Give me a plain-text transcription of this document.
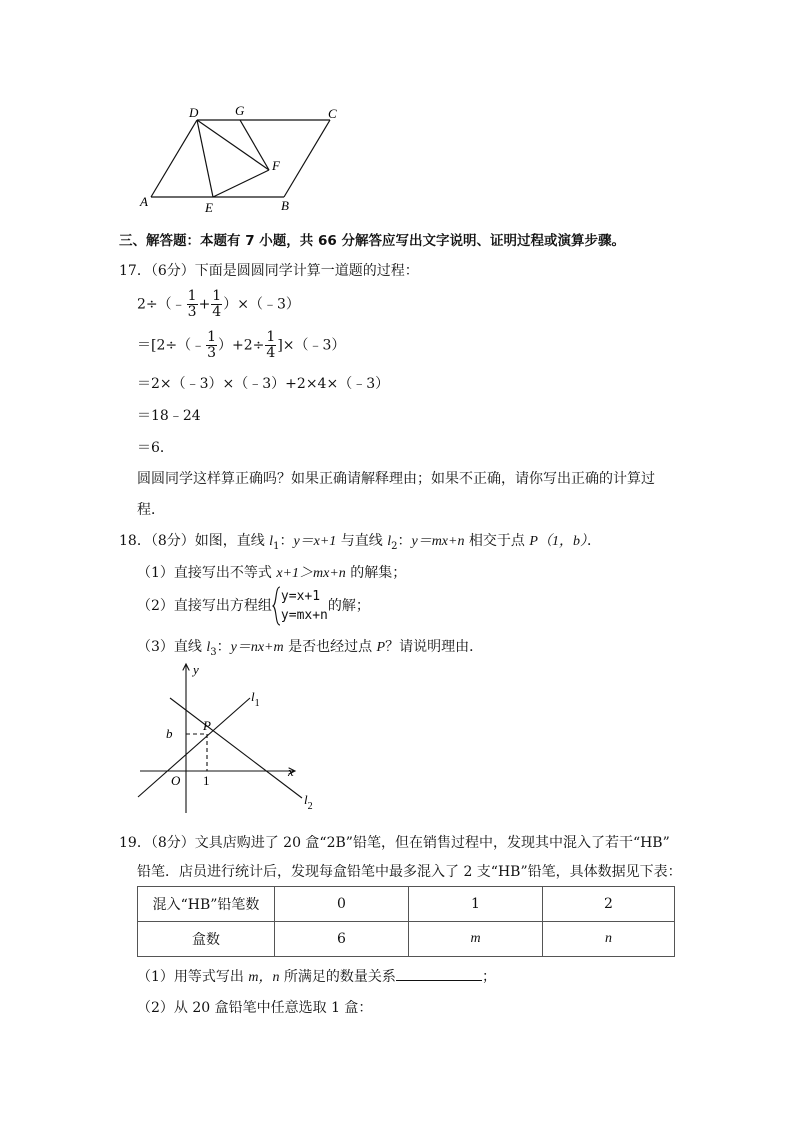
D	G	C
F
A	E	B
三、解答题：本题有 7 小题，共 66 分解答应写出文字说明、证明过程或演算步骤。
17．（6分）下面是圆圆同学计算一道题的过程：
2÷（﹣ $\frac{1}{3} + \frac{1}{4}$ ）×（﹣3）
＝[2÷（﹣ $\frac{1}{3} )+2\div \frac{1}{4}$ ]×（﹣3）
＝2×（﹣3）×（﹣3）+2×4×（﹣3）
＝18﹣24
＝6．
圆圆同学这样算正确吗？如果正确请解释理由；如果不正确，请你写出正确的计算过
程．
18．（8分）如图，直线 $l_1$：y＝x+1 与直线 $l_2$：y＝mx+n 相交于点 P（1，b）．
（1）直接写出不等式 x+1＞mx+n 的解集；
（2）直接写出方程组
y=x+1
y=mx+n
的解；
（3）直线 $l_3$：y＝nx+m 是否也经过点 P？请说明理由．
y
x
O
b
1
P
$l_1$
$l_2$
19．（8分）文具店购进了 20 盒“2B”铅笔，但在销售过程中，发现其中混入了若干“HB”
铅笔．店员进行统计后，发现每盒铅笔中最多混入了 2 支“HB”铅笔，具体数据见下表：
混入“HB”铅笔数	0	1	2
盒数	6	m	n
（1）用等式写出 m，n 所满足的数量关系	；
（2）从 20 盒铅笔中任意选取 1 盒：
